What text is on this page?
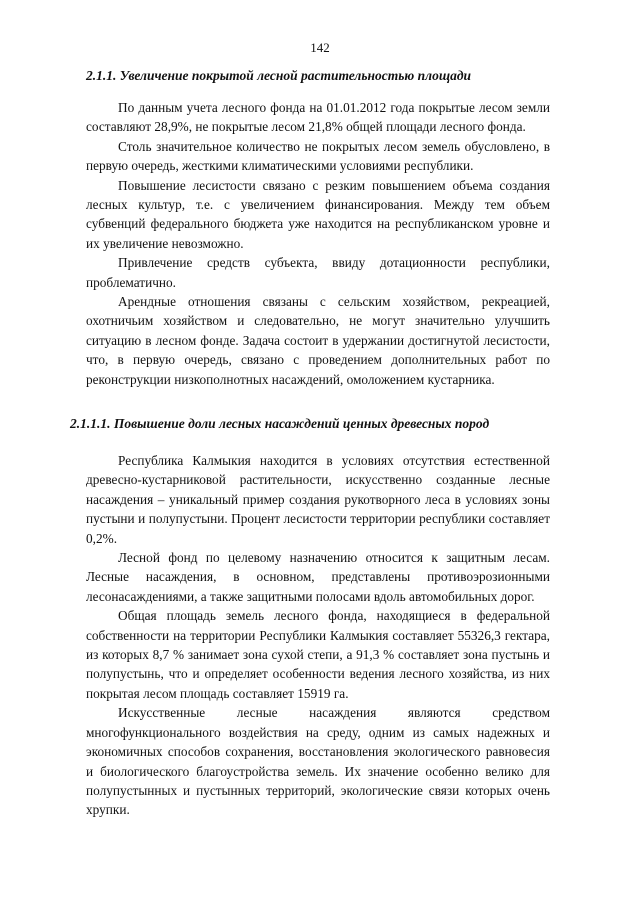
142
2.1.1. Увеличение покрытой лесной растительностью площади

По данным учета лесного фонда на 01.01.2012 года покрытые лесом земли составляют 28,9%, не покрытые лесом 21,8% общей площади лесного фонда.

Столь значительное количество не покрытых лесом земель обусловлено, в первую очередь, жесткими климатическими условиями республики.

Повышение лесистости связано с резким повышением объема создания лесных культур, т.е. с увеличением финансирования. Между тем объем субвенций федерального бюджета уже находится на республиканском уровне и их увеличение невозможно.

Привлечение средств субъекта, ввиду дотационности республики, проблематично.

Арендные отношения связаны с сельским хозяйством, рекреацией, охотничьим хозяйством и следовательно, не могут значительно улучшить ситуацию в лесном фонде. Задача состоит в удержании достигнутой лесистости, что, в первую очередь, связано с проведением дополнительных работ по реконструкции низкополнотных насаждений, омоложением кустарника.

2.1.1.1. Повышение доли лесных насаждений ценных древесных пород

Республика Калмыкия находится в условиях отсутствия естественной древесно-кустарниковой растительности, искусственно созданные лесные насаждения – уникальный пример создания рукотворного леса в условиях зоны пустыни и полупустыни. Процент лесистости территории республики составляет 0,2%.

Лесной фонд по целевому назначению относится к защитным лесам. Лесные насаждения, в основном, представлены противоэрозионными лесонасаждениями, а также защитными полосами вдоль автомобильных дорог.

Общая площадь земель лесного фонда, находящиеся в федеральной собственности на территории Республики Калмыкия составляет 55326,3 гектара, из которых 8,7 % занимает зона сухой степи, а 91,3 % составляет зона пустынь и полупустынь, что и определяет особенности ведения лесного хозяйства, из них покрытая лесом площадь составляет 15919 га.

Искусственные лесные насаждения являются средством многофункционального воздействия на среду, одним из самых надежных и экономичных способов сохранения, восстановления экологического равновесия и биологического благоустройства земель. Их значение особенно велико для полупустынных и пустынных территорий, экологические связи которых очень хрупки.
